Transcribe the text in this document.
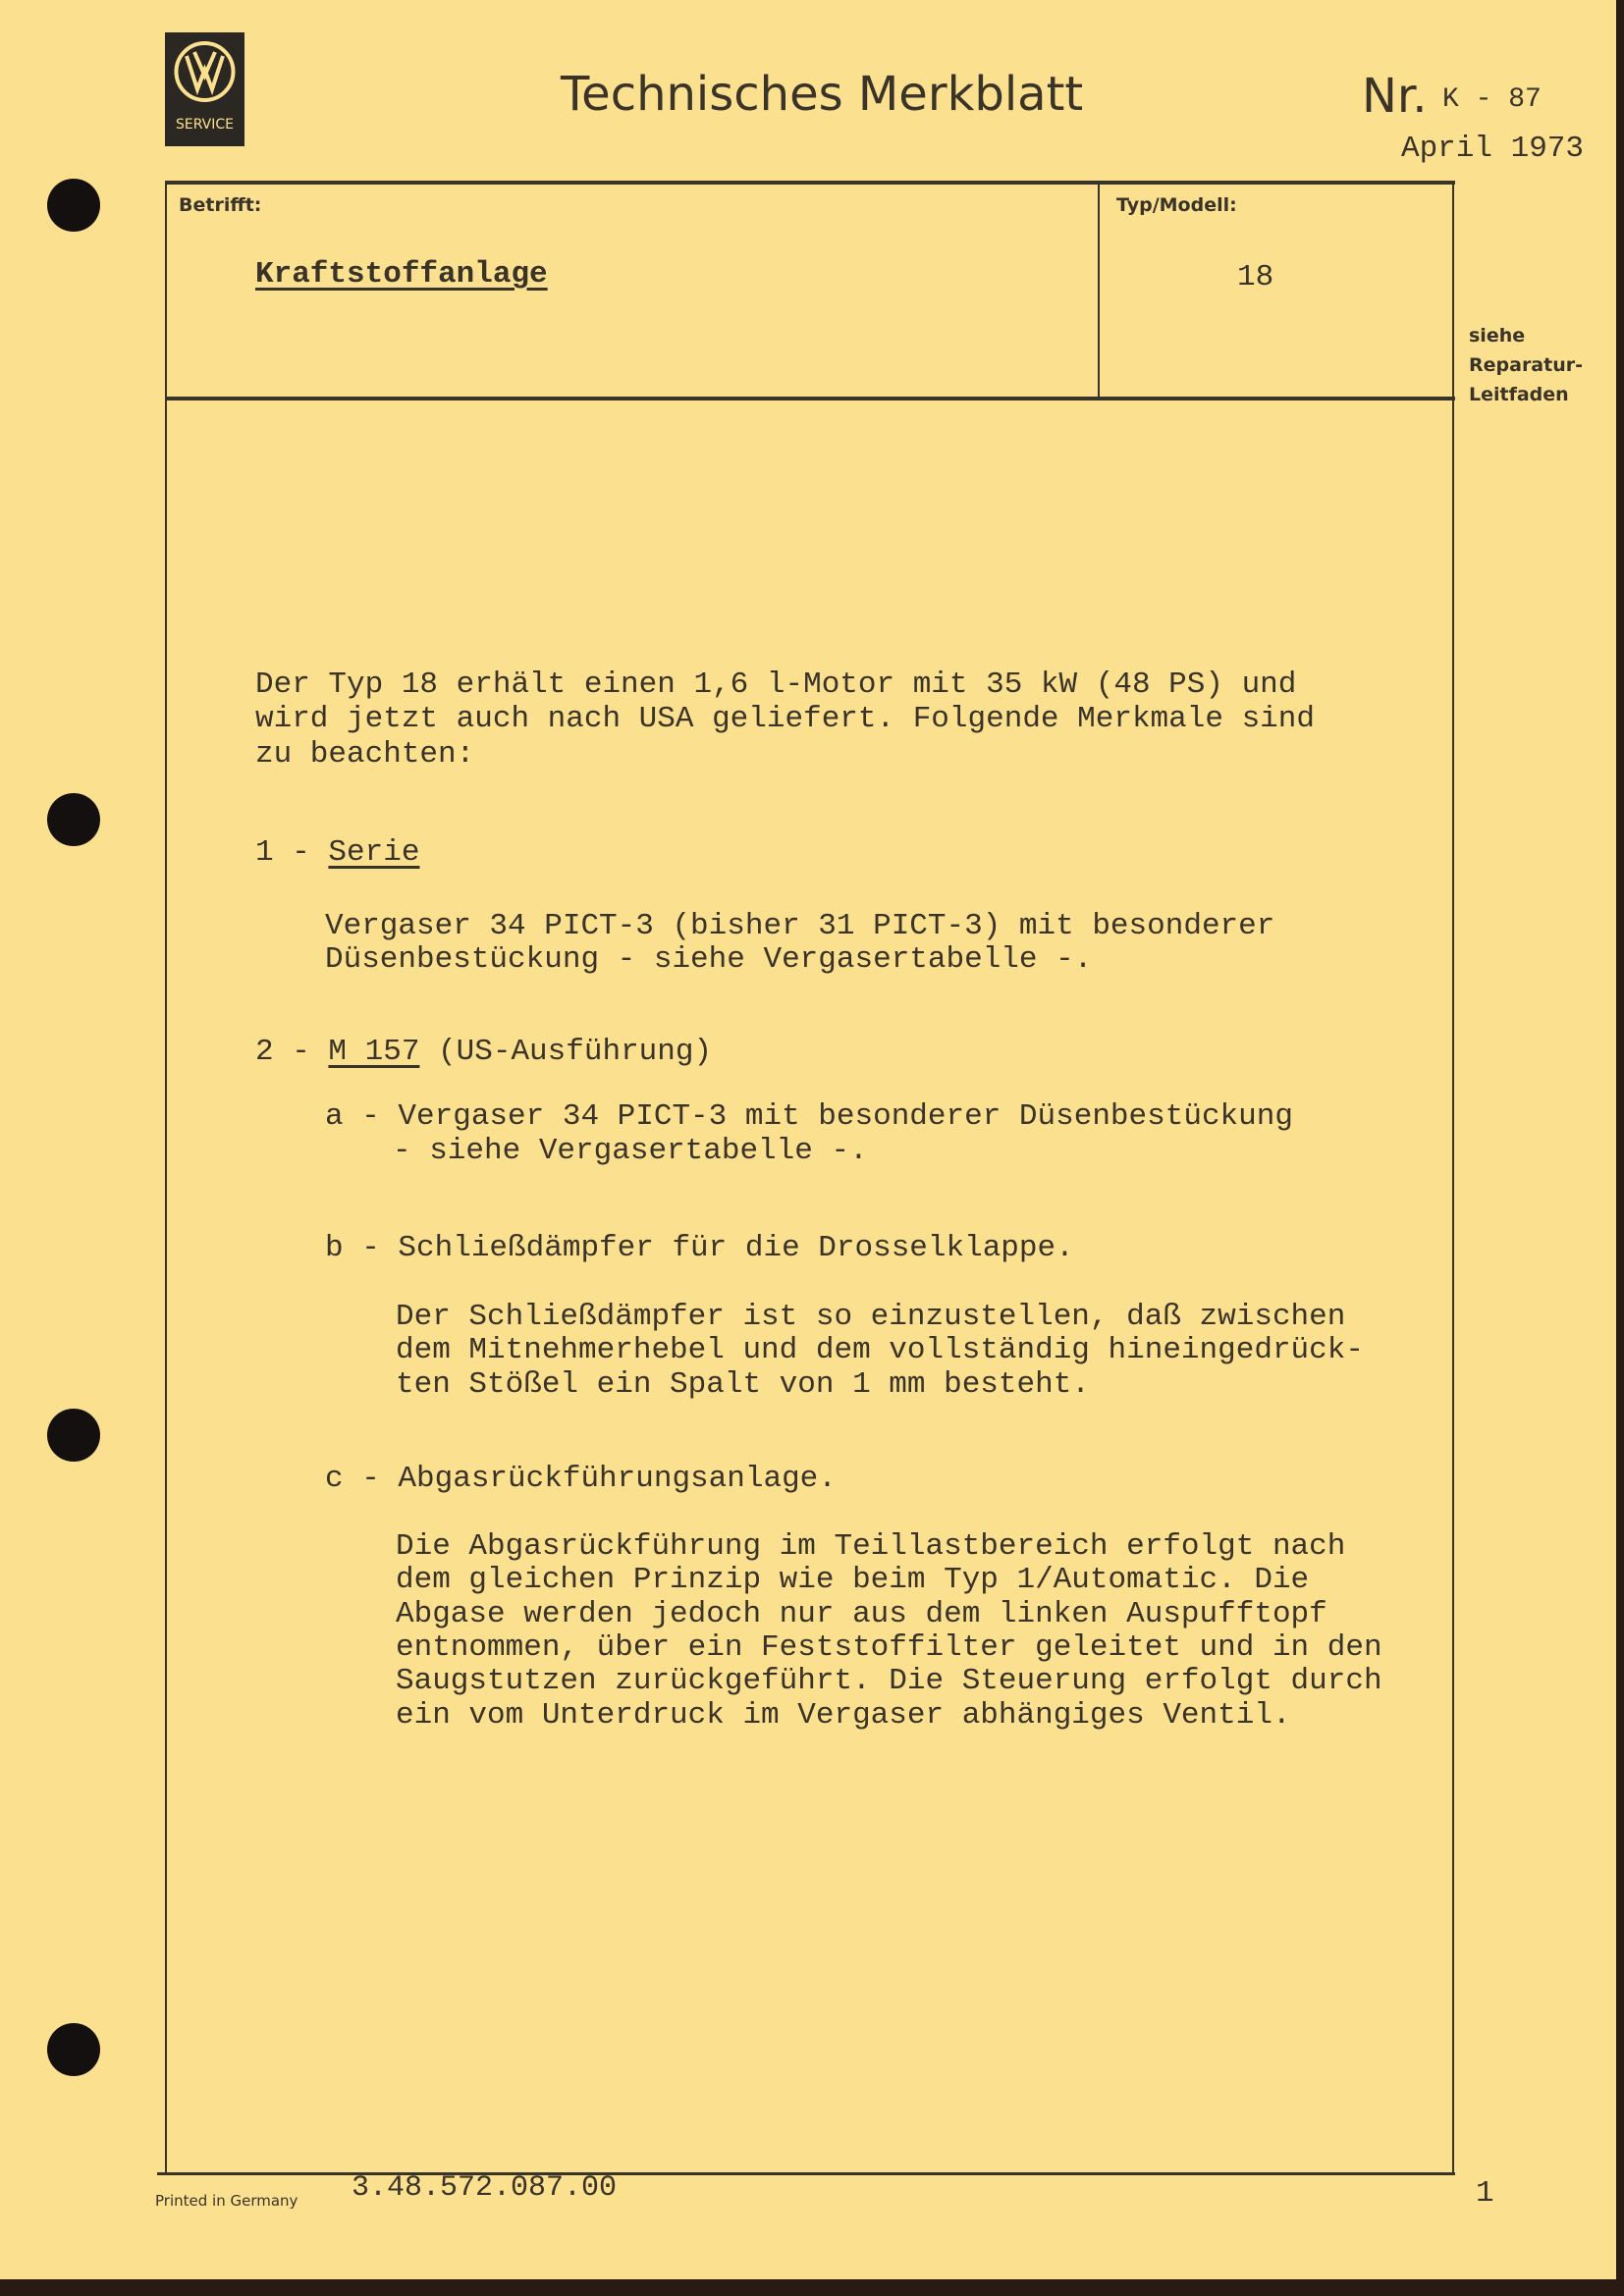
SERVICE
Technisches Merkblatt	Nr. K - 87
April 1973
Betrifft:
Kraftstoffanlage
Typ/Modell:
18
siehe
Reparatur-
Leitfaden
Der Typ 18 erhält einen 1,6 l-Motor mit 35 kW (48 PS) und
wird jetzt auch nach USA geliefert. Folgende Merkmale sind
zu beachten:
1 - Serie
Vergaser 34 PICT-3 (bisher 31 PICT-3) mit besonderer
Düsenbestückung - siehe Vergasertabelle -.
2 - M 157 (US-Ausführung)
a - Vergaser 34 PICT-3 mit besonderer Düsenbestückung
- siehe Vergasertabelle -.
b - Schließdämpfer für die Drosselklappe.
Der Schließdämpfer ist so einzustellen, daß zwischen
dem Mitnehmerhebel und dem vollständig hineingedrück-
ten Stößel ein Spalt von 1 mm besteht.
c - Abgasrückführungsanlage.
Die Abgasrückführung im Teillastbereich erfolgt nach
dem gleichen Prinzip wie beim Typ 1/Automatic. Die
Abgase werden jedoch nur aus dem linken Auspufftopf
entnommen, über ein Feststoffilter geleitet und in den
Saugstutzen zurückgeführt. Die Steuerung erfolgt durch
ein vom Unterdruck im Vergaser abhängiges Ventil.
Printed in Germany 3.48.572.087.00	1
